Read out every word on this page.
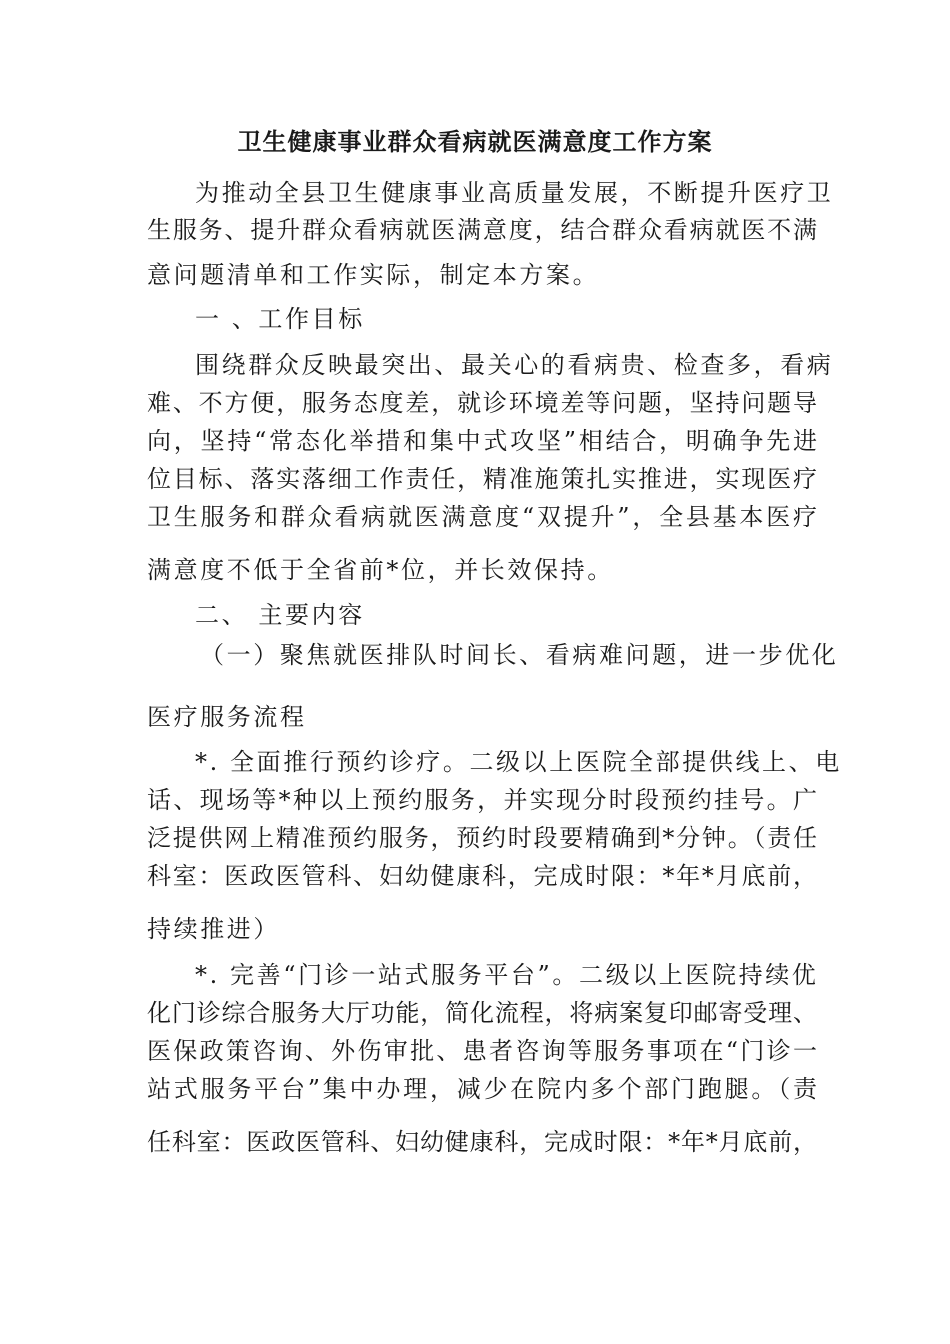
卫生健康事业群众看病就医满意度工作方案
为推动全县卫生健康事业高质量发展，不断提升医疗卫
生服务、提升群众看病就医满意度，结合群众看病就医不满
意问题清单和工作实际，制定本方案。
一 、工作目标
围绕群众反映最突出、最关心的看病贵、检查多，看病
难、不方便，服务态度差，就诊环境差等问题，坚持问题导
向，坚持“常态化举措和集中式攻坚”相结合，明确争先进
位目标、落实落细工作责任，精准施策扎实推进，实现医疗
卫生服务和群众看病就医满意度“双提升”，全县基本医疗
满意度不低于全省前*位，并长效保持。
二、 主要内容
（一）聚焦就医排队时间长、看病难问题，进一步优化
医疗服务流程
*. 全面推行预约诊疗。二级以上医院全部提供线上、电
话、现场等*种以上预约服务，并实现分时段预约挂号。广
泛提供网上精准预约服务，预约时段要精确到*分钟。（责任
科室：医政医管科、妇幼健康科，完成时限：*年*月底前，
持续推进）
*. 完善“门诊一站式服务平台”。二级以上医院持续优
化门诊综合服务大厅功能，简化流程，将病案复印邮寄受理、
医保政策咨询、外伤审批、患者咨询等服务事项在“门诊一
站式服务平台”集中办理，减少在院内多个部门跑腿。（责
任科室：医政医管科、妇幼健康科，完成时限：*年*月底前，
